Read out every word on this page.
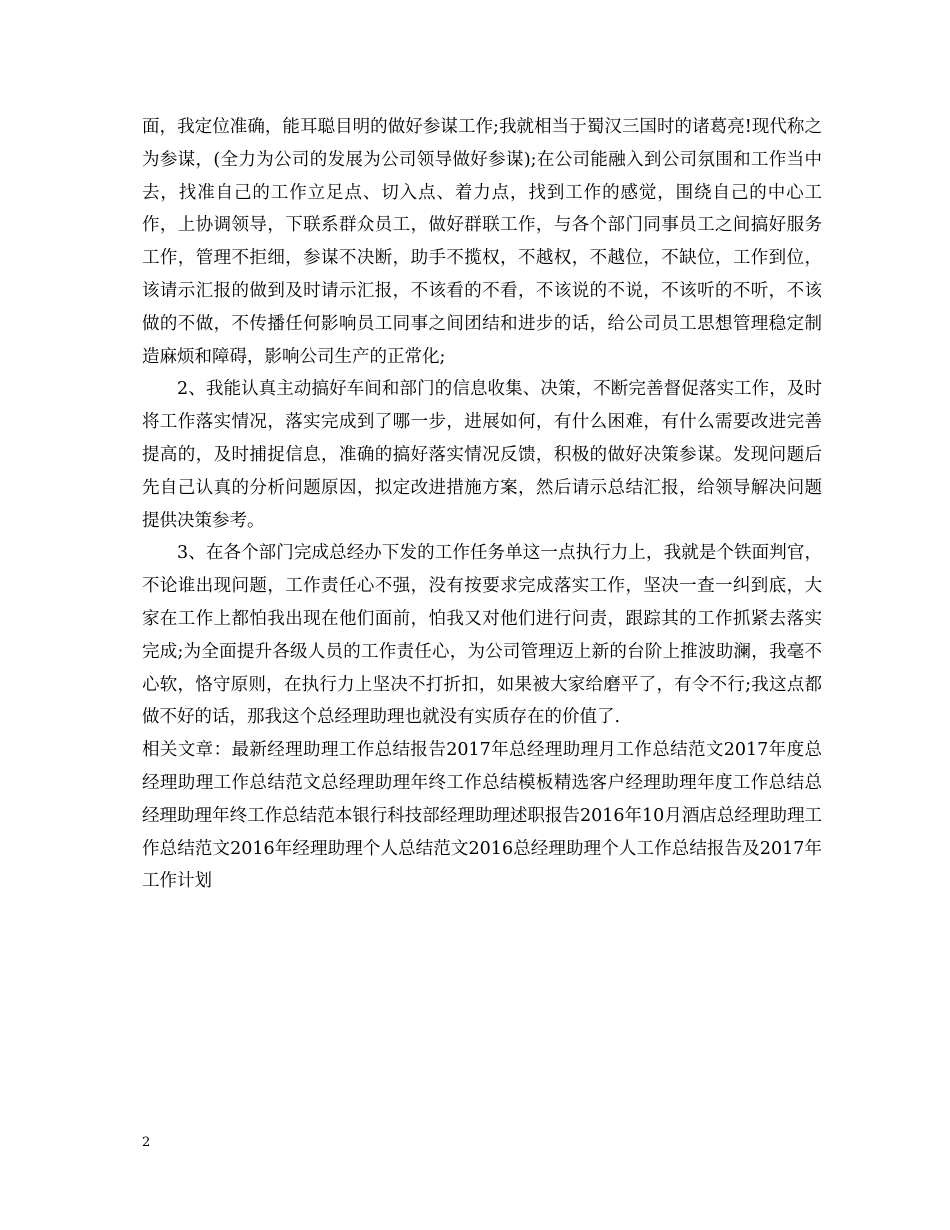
面，我定位准确，能耳聪目明的做好参谋工作;我就相当于蜀汉三国时的诸葛亮!现代称之为参谋，(全力为公司的发展为公司领导做好参谋);在公司能融入到公司氛围和工作当中去，找准自己的工作立足点、切入点、着力点，找到工作的感觉，围绕自己的中心工作，上协调领导，下联系群众员工，做好群联工作，与各个部门同事员工之间搞好服务工作，管理不拒细，参谋不决断，助手不揽权，不越权，不越位，不缺位，工作到位，该请示汇报的做到及时请示汇报，不该看的不看，不该说的不说，不该听的不听，不该做的不做，不传播任何影响员工同事之间团结和进步的话，给公司员工思想管理稳定制造麻烦和障碍，影响公司生产的正常化;

2、我能认真主动搞好车间和部门的信息收集、决策，不断完善督促落实工作，及时将工作落实情况，落实完成到了哪一步，进展如何，有什么困难，有什么需要改进完善提高的，及时捕捉信息，准确的搞好落实情况反馈，积极的做好决策参谋。发现问题后先自己认真的分析问题原因，拟定改进措施方案，然后请示总结汇报，给领导解决问题提供决策参考。

3、在各个部门完成总经办下发的工作任务单这一点执行力上，我就是个铁面判官，不论谁出现问题，工作责任心不强，没有按要求完成落实工作，坚决一查一纠到底，大家在工作上都怕我出现在他们面前，怕我又对他们进行问责，跟踪其的工作抓紧去落实完成;为全面提升各级人员的工作责任心，为公司管理迈上新的台阶上推波助澜，我毫不心软，恪守原则，在执行力上坚决不打折扣，如果被大家给磨平了，有令不行;我这点都做不好的话，那我这个总经理助理也就没有实质存在的价值了.

相关文章：最新经理助理工作总结报告2017年总经理助理月工作总结范文2017年度总经理助理工作总结范文总经理助理年终工作总结模板精选客户经理助理年度工作总结总经理助理年终工作总结范本银行科技部经理助理述职报告2016年10月酒店总经理助理工作总结范文2016年经理助理个人总结范文2016总经理助理个人工作总结报告及2017年工作计划

2
